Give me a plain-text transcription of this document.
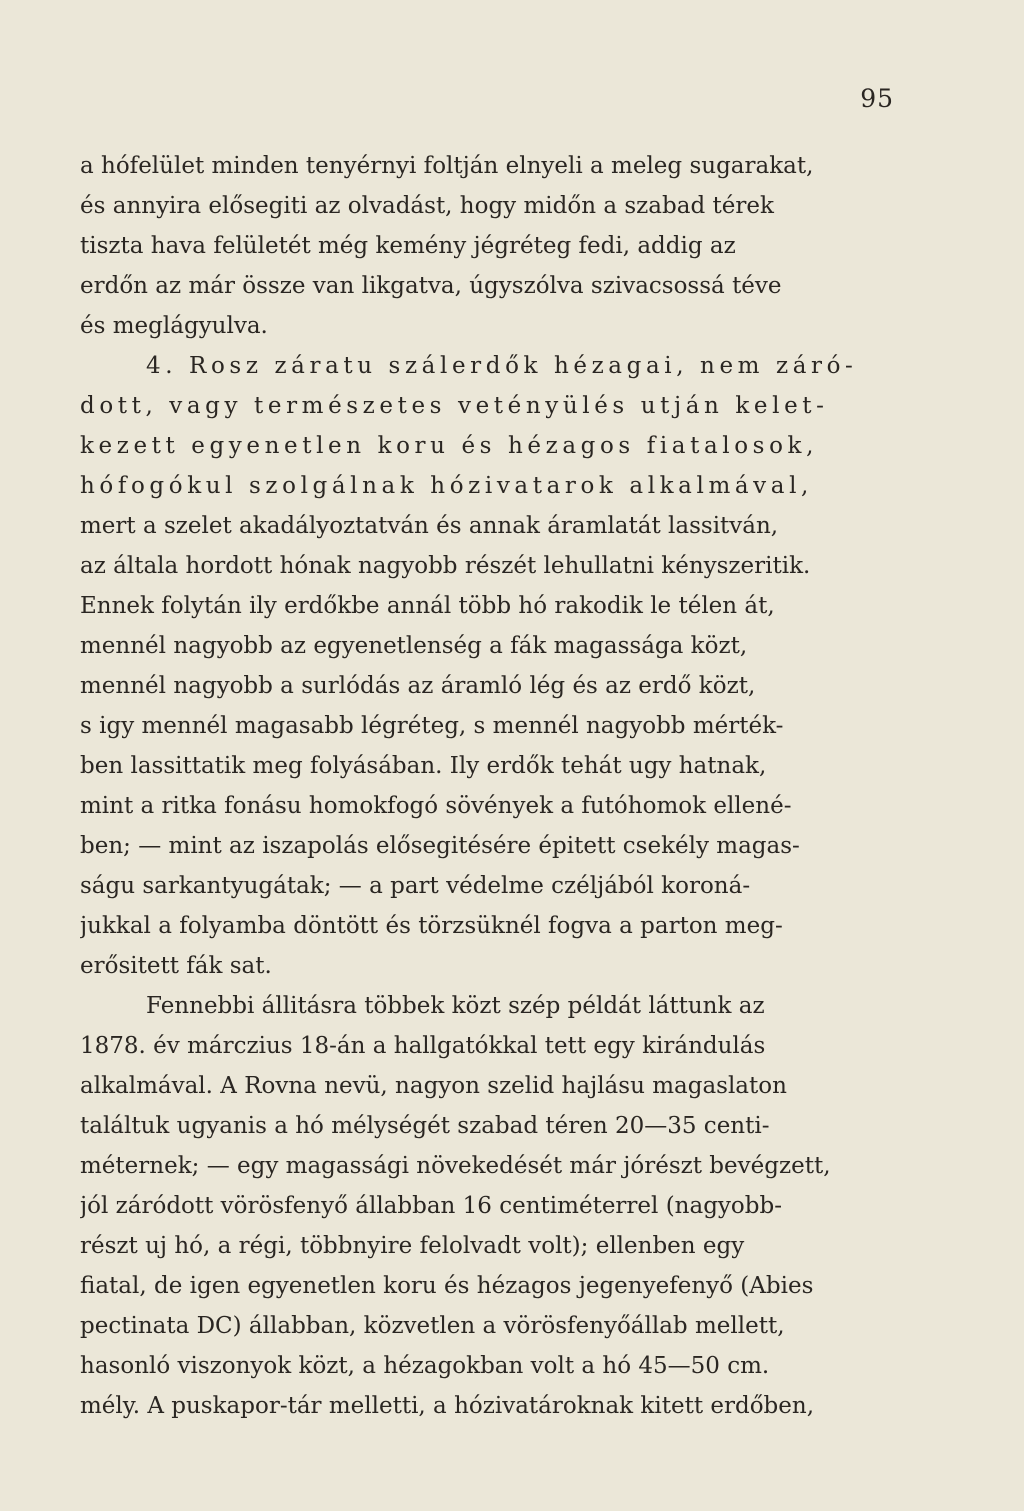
95
a hófelület minden tenyérnyi foltján elnyeli a meleg sugarakat,
és annyira elősegiti az olvadást, hogy midőn a szabad térek
tiszta hava felületét még kemény jégréteg fedi, addig az
erdőn az már össze van likgatva, úgyszólva szivacsossá téve
és meglágyulva.
4. Rosz záratu szálerdők hézagai, nem záró-
dott, vagy természetes vetényülés utján kelet-
kezett egyenetlen koru és hézagos fiatalosok,
hófogókul szolgálnak hózivatarok alkalmával,
mert a szelet akadályoztatván és annak áramlatát lassitván,
az általa hordott hónak nagyobb részét lehullatni kényszeritik.
Ennek folytán ily erdőkbe annál több hó rakodik le télen át,
mennél nagyobb az egyenetlenség a fák magassága közt,
mennél nagyobb a surlódás az áramló lég és az erdő közt,
s igy mennél magasabb légréteg, s mennél nagyobb mérték-
ben lassittatik meg folyásában. Ily erdők tehát ugy hatnak,
mint a ritka fonásu homokfogó sövények a futóhomok ellené-
ben; — mint az iszapolás elősegitésére épitett csekély magas-
ságu sarkantyugátak; — a part védelme czéljából koroná-
jukkal a folyamba döntött és törzsüknél fogva a parton meg-
erősitett fák sat.
Fennebbi állitásra többek közt szép példát láttunk az
1878. év márczius 18-án a hallgatókkal tett egy kirándulás
alkalmával. A Rovna nevü, nagyon szelid hajlásu magaslaton
találtuk ugyanis a hó mélységét szabad téren 20—35 centi-
méternek; — egy magassági növekedését már jórészt bevégzett,
jól záródott vörösfenyő állabban 16 centiméterrel (nagyobb-
részt uj hó, a régi, többnyire felolvadt volt); ellenben egy
fiatal, de igen egyenetlen koru és hézagos jegenyefenyő (Abies
pectinata DC) állabban, közvetlen a vörösfenyőállab mellett,
hasonló viszonyok közt, a hézagokban volt a hó 45—50 cm.
mély. A puskapor-tár melletti, a hózivatároknak kitett erdőben,
